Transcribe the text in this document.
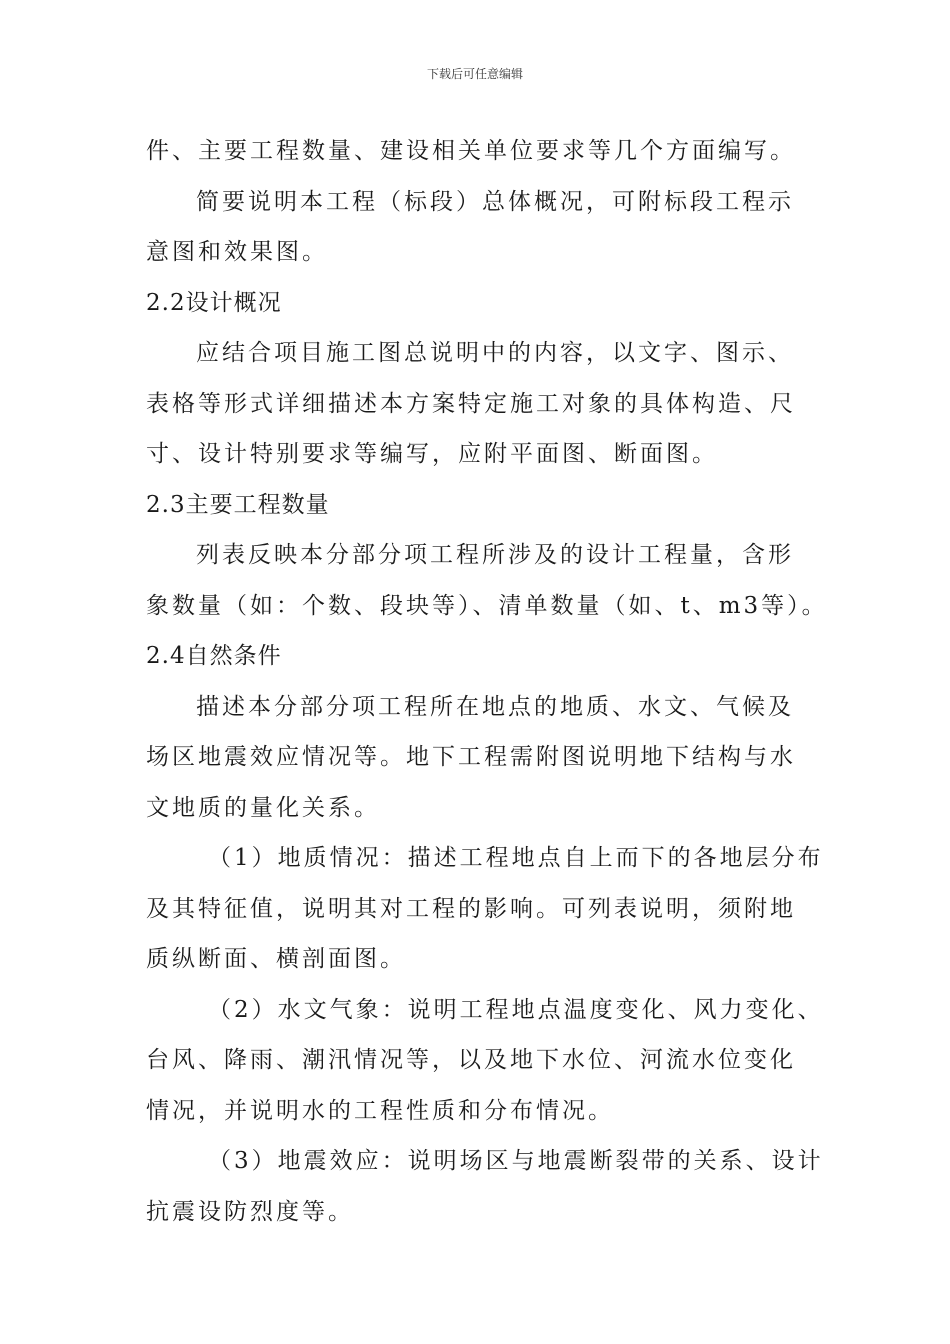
下载后可任意编辑
件、主要工程数量、建设相关单位要求等几个方面编写。
简要说明本工程（标段）总体概况，可附标段工程示
意图和效果图。
2.2设计概况
应结合项目施工图总说明中的内容，以文字、图示、
表格等形式详细描述本方案特定施工对象的具体构造、尺
寸、设计特别要求等编写，应附平面图、断面图。
2.3主要工程数量
列表反映本分部分项工程所涉及的设计工程量，含形
象数量（如：个数、段块等）、清单数量（如、t、m3等）。
2.4自然条件
描述本分部分项工程所在地点的地质、水文、气候及
场区地震效应情况等。地下工程需附图说明地下结构与水
文地质的量化关系。
（1）地质情况：描述工程地点自上而下的各地层分布
及其特征值，说明其对工程的影响。可列表说明，须附地
质纵断面、横剖面图。
（2）水文气象：说明工程地点温度变化、风力变化、
台风、降雨、潮汛情况等，以及地下水位、河流水位变化
情况，并说明水的工程性质和分布情况。
（3）地震效应：说明场区与地震断裂带的关系、设计
抗震设防烈度等。
